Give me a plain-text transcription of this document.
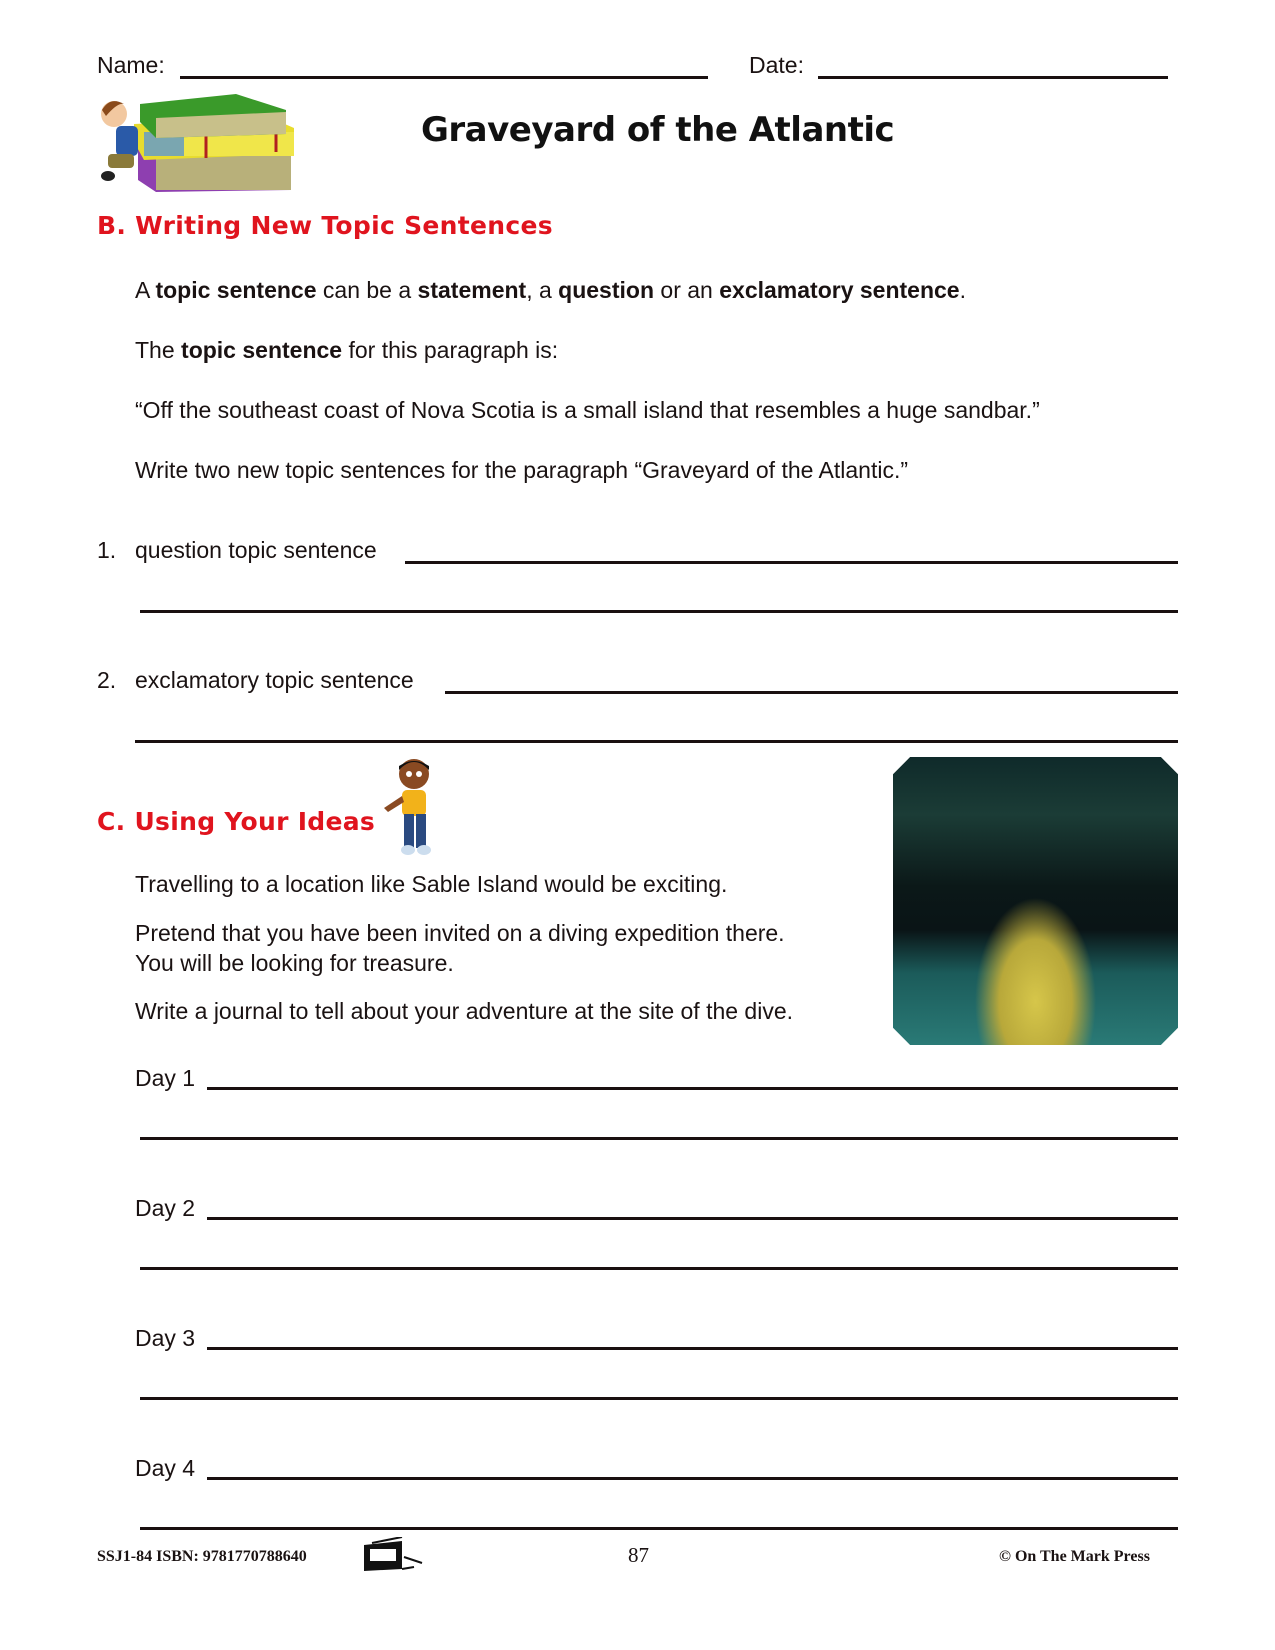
Name:	Date:
Graveyard of the Atlantic
B. Writing New Topic Sentences
A topic sentence can be a statement, a question or an exclamatory sentence.
The topic sentence for this paragraph is:
“Off the southeast coast of Nova Scotia is a small island that resembles a huge sandbar.”
Write two new topic sentences for the paragraph “Graveyard of the Atlantic.”
1. question topic sentence
2. exclamatory topic sentence
C. Using Your Ideas
Travelling to a location like Sable Island would be exciting.
Pretend that you have been invited on a diving expedition there.
You will be looking for treasure.
Write a journal to tell about your adventure at the site of the dive.
Day 1
Day 2
Day 3
Day 4
SSJ1-84 ISBN: 9781770788640	87	© On The Mark Press
